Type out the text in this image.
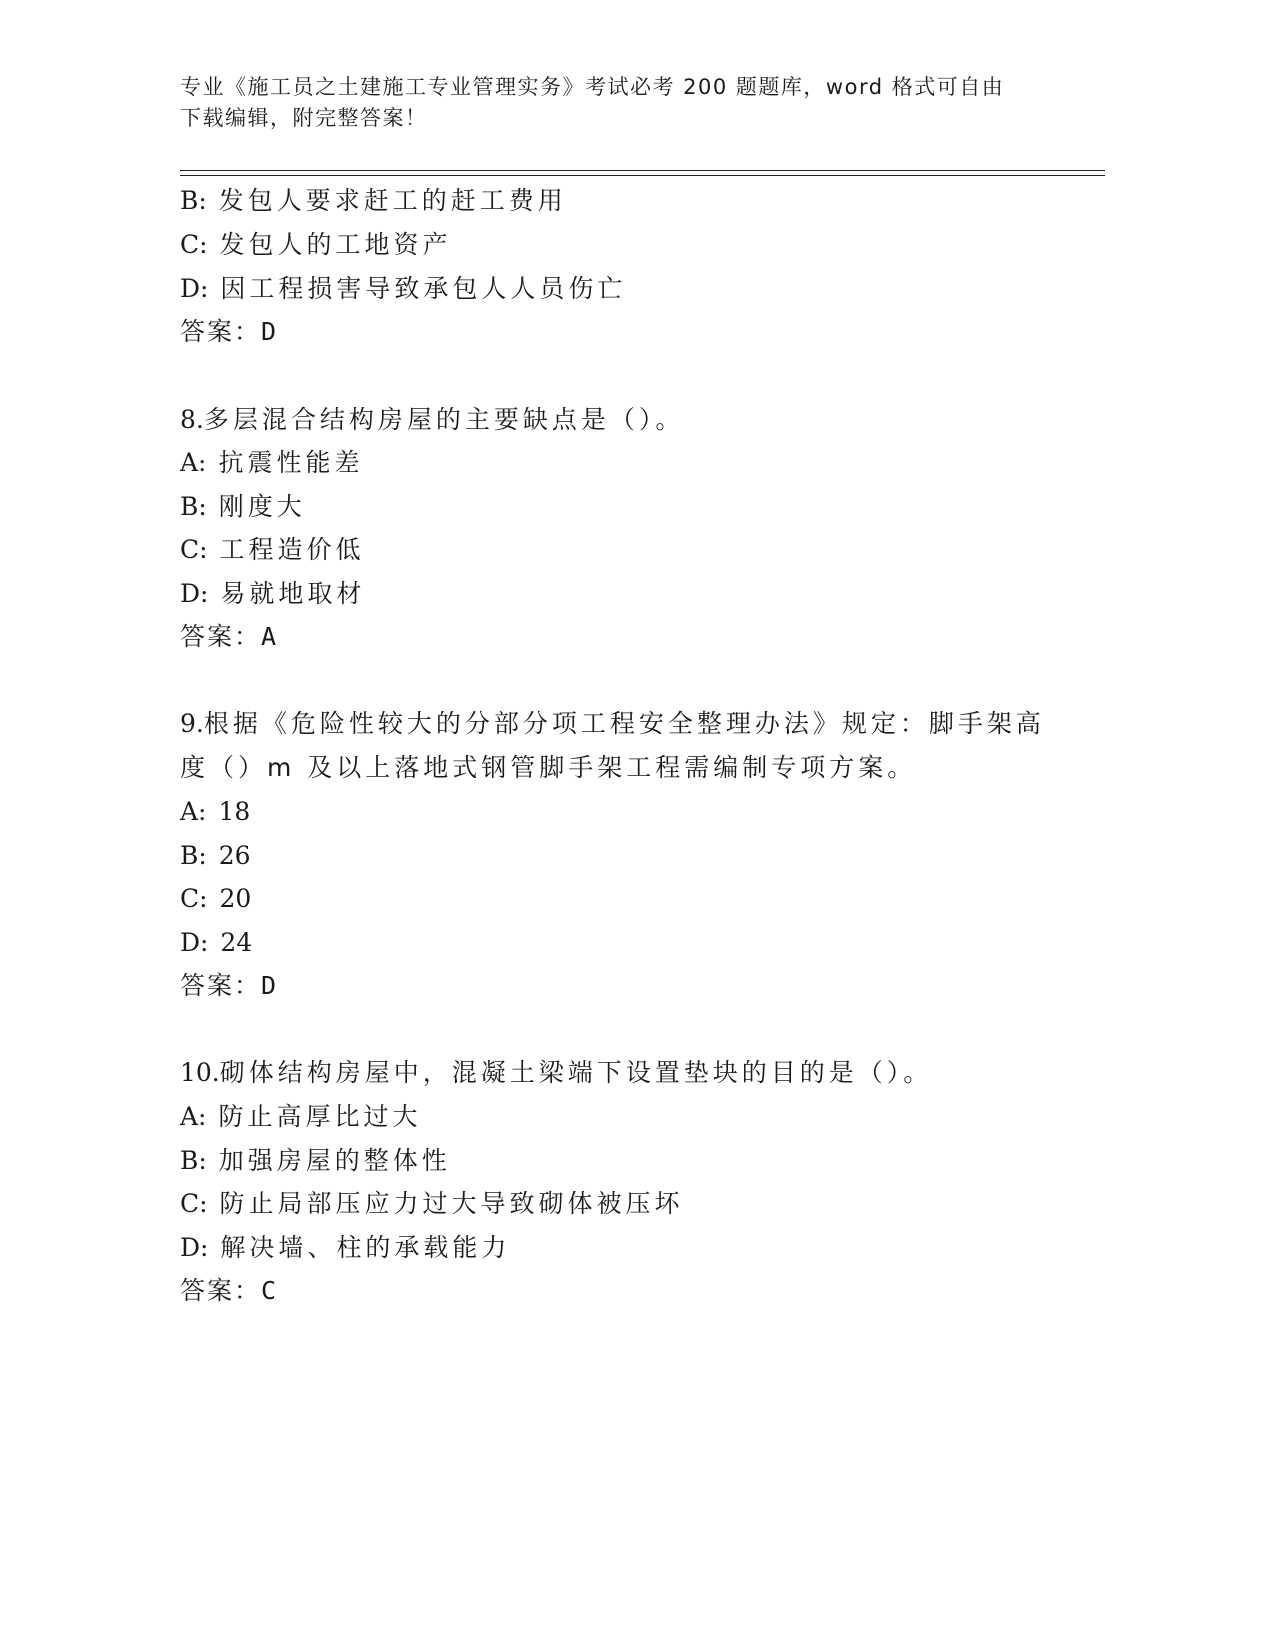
专业《施工员之土建施工专业管理实务》考试必考 200 题题库，word 格式可自由
下载编辑，附完整答案！
B: 发包人要求赶工的赶工费用
C: 发包人的工地资产
D: 因工程损害导致承包人人员伤亡
答案：D
8.多层混合结构房屋的主要缺点是（）。
A: 抗震性能差
B: 刚度大
C: 工程造价低
D: 易就地取材
答案：A
9.根据《危险性较大的分部分项工程安全整理办法》规定：脚手架高
度（）m 及以上落地式钢管脚手架工程需编制专项方案。
A: 18
B: 26
C: 20
D: 24
答案：D
10.砌体结构房屋中，混凝土梁端下设置垫块的目的是（）。
A: 防止高厚比过大
B: 加强房屋的整体性
C: 防止局部压应力过大导致砌体被压坏
D: 解决墙、柱的承载能力
答案：C
